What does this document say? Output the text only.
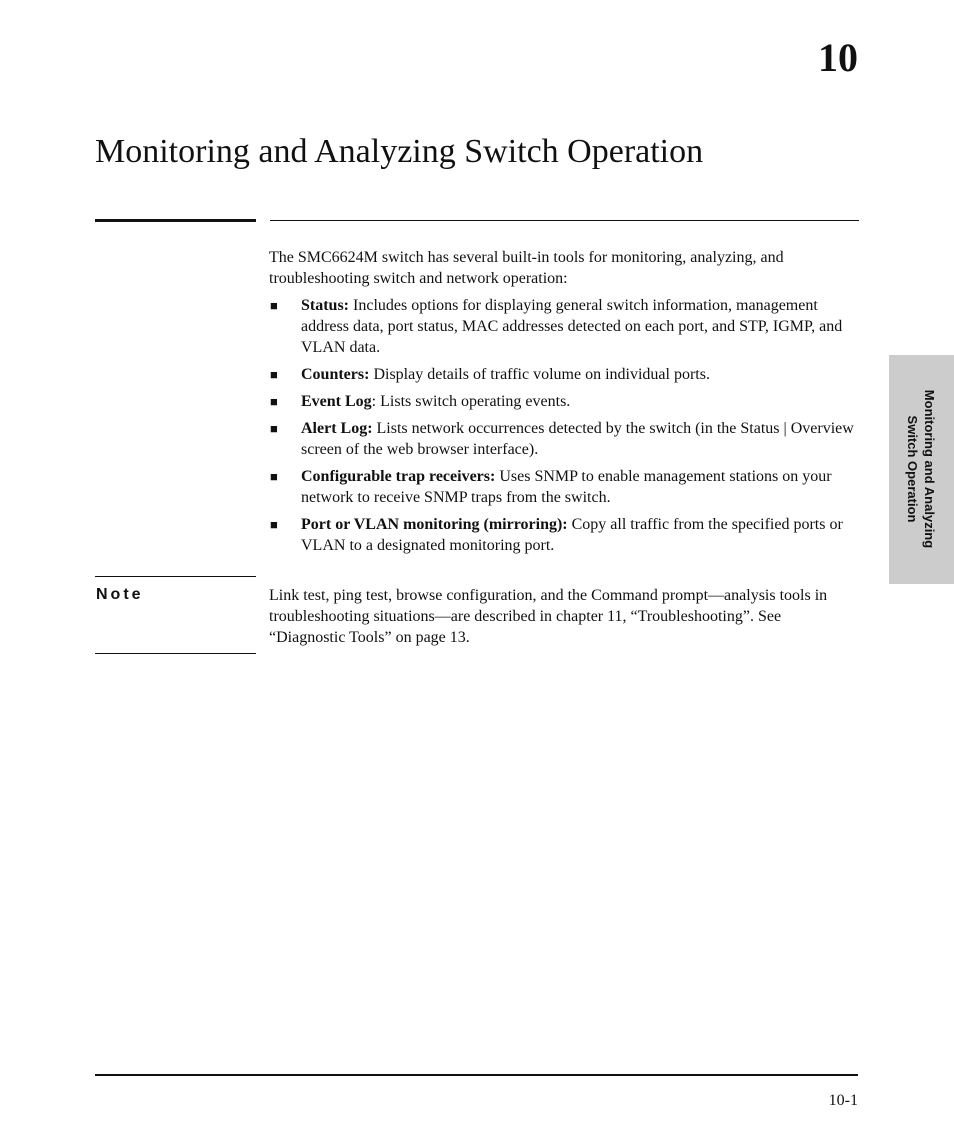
10
Monitoring and Analyzing Switch Operation

The SMC6624M switch has several built-in tools for monitoring, analyzing, and troubleshooting switch and network operation:

■ Status: Includes options for displaying general switch information, management address data, port status, MAC addresses detected on each port, and STP, IGMP, and VLAN data.
■ Counters: Display details of traffic volume on individual ports.
■ Event Log: Lists switch operating events.
■ Alert Log: Lists network occurrences detected by the switch (in the Status | Overview screen of the web browser interface).
■ Configurable trap receivers: Uses SNMP to enable management stations on your network to receive SNMP traps from the switch.
■ Port or VLAN monitoring (mirroring): Copy all traffic from the specified ports or VLAN to a designated monitoring port.
Note	Link test, ping test, browse configuration, and the Command prompt—analysis tools in troubleshooting situations—are described in chapter 11, “Troubleshooting”. See “Diagnostic Tools” on page 13.

Monitoring and Analyzing
Switch Operation
10-1
